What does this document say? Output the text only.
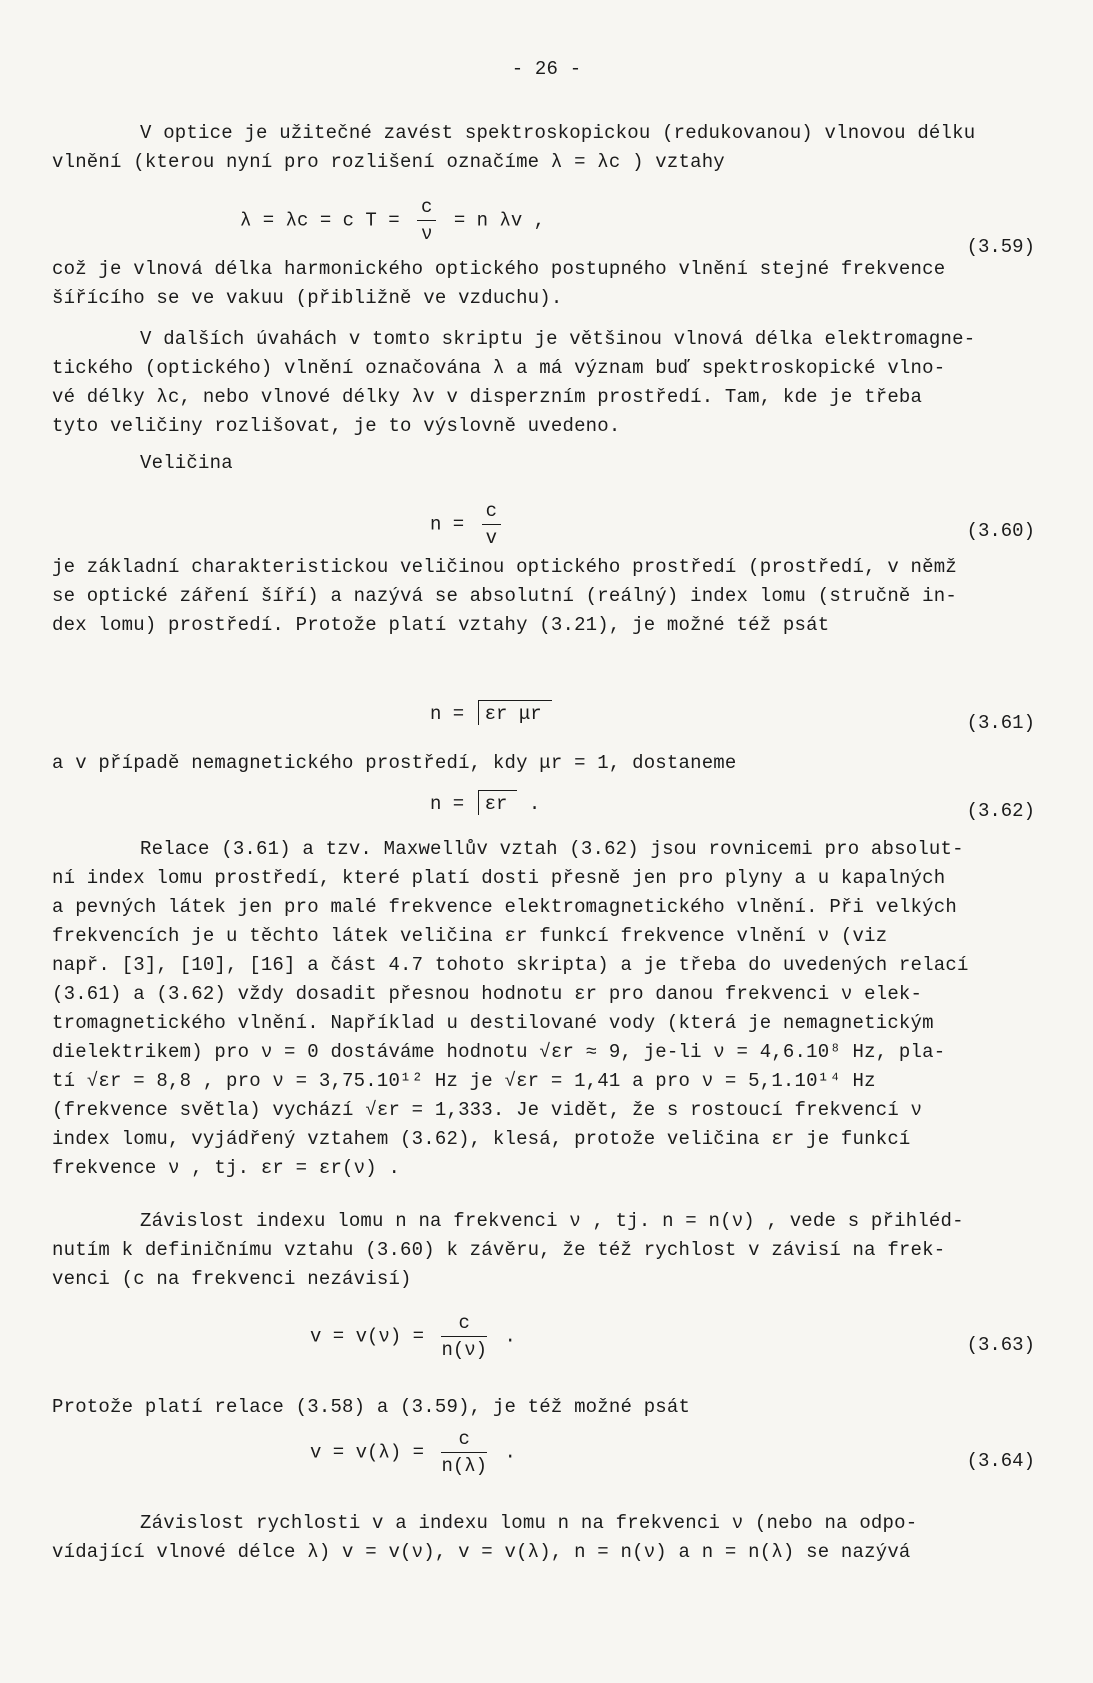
- 26 -
V optice je užitečné zavést spektroskopickou (redukovanou) vlnovou délku
vlnění (kterou nyní pro rozlišení označíme λ = λc ) vztahy
λ = λc = c $T = \frac{c}{\nu} = n$ λv ,
(3.59)
což je vlnová délka harmonického optického postupného vlnění stejné frekvence
šířícího se ve vakuu (přibližně ve vzduchu).
V dalších úvahách v tomto skriptu je většinou vlnová délka elektromagne-
tického (optického) vlnění označována λ a má význam buď spektroskopické vlno-
vé délky λc, nebo vlnové délky λv v disperzním prostředí. Tam, kde je třeba
tyto veličiny rozlišovat, je to výslovně uvedeno.
Veličina
$n = \frac{c}{v}$	(3.60)
je základní charakteristickou veličinou optického prostředí (prostředí, v němž
se optické záření šíří) a nazývá se absolutní (reálný) index lomu (stručně in-
dex lomu) prostředí. Protože platí vztahy (3.21), je možné též psát
n = εr μr	(3.61)
a v případě nemagnetického prostředí, kdy μr = 1, dostaneme
n = εr .	(3.62)
Relace (3.61) a tzv. Maxwellův vztah (3.62) jsou rovnicemi pro absolut-
ní index lomu prostředí, které platí dosti přesně jen pro plyny a u kapalných
a pevných látek jen pro malé frekvence elektromagnetického vlnění. Při velkých
frekvencích je u těchto látek veličina εr funkcí frekvence vlnění ν (viz
např. [3], [10], [16] a část 4.7 tohoto skripta) a je třeba do uvedených relací
(3.61) a (3.62) vždy dosadit přesnou hodnotu εr pro danou frekvenci ν elek-
tromagnetického vlnění. Například u destilované vody (která je nemagnetickým
dielektrikem) pro ν = 0 dostáváme hodnotu √εr ≈ 9, je-li ν = 4,6.10⁸ Hz, pla-
tí √εr = 8,8 , pro ν = 3,75.10¹² Hz je √εr = 1,41 a pro ν = 5,1.10¹⁴ Hz
(frekvence světla) vychází √εr = 1,333. Je vidět, že s rostoucí frekvencí ν
index lomu, vyjádřený vztahem (3.62), klesá, protože veličina εr je funkcí
frekvence ν , tj. εr = εr(ν) .
Závislost indexu lomu n na frekvenci ν , tj. n = n(ν) , vede s přihléd-
nutím k definičnímu vztahu (3.60) k závěru, že též rychlost v závisí na frek-
venci (c na frekvenci nezávisí)
$v = v(\nu) = \frac{c}{n(\nu)}$ .	(3.63)
Protože platí relace (3.58) a (3.59), je též možné psát
$v = v(\lambda) = \frac{c}{n(\lambda)}$ .	(3.64)
Závislost rychlosti v a indexu lomu n na frekvenci ν (nebo na odpo-
vídající vlnové délce λ) v = v(ν), v = v(λ), n = n(ν) a n = n(λ) se nazývá
